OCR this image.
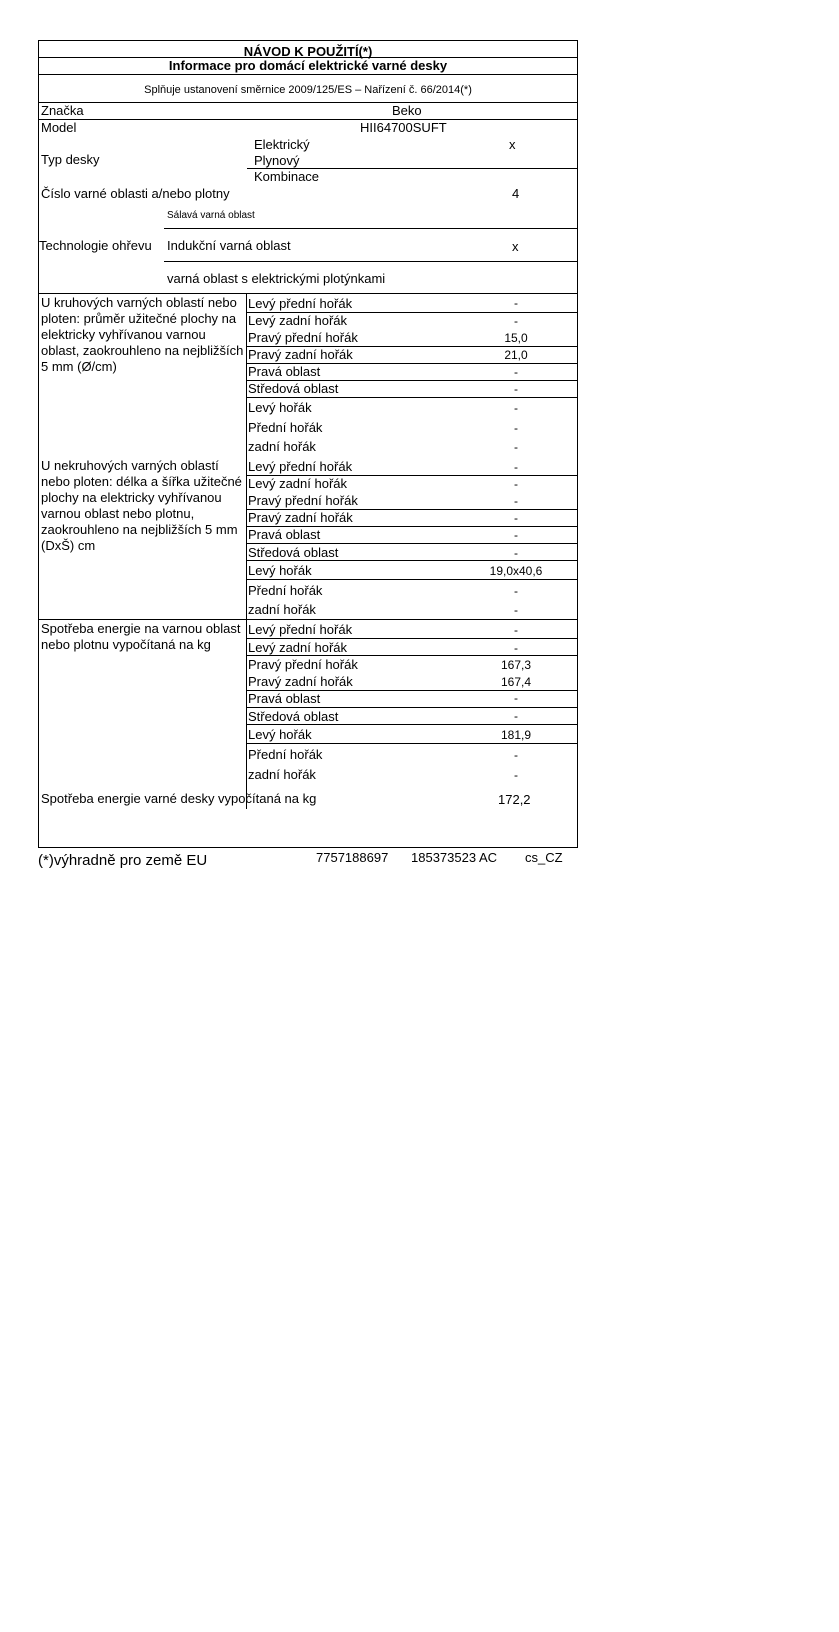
NÁVOD K POUŽITÍ(*)
Informace pro domácí elektrické varné desky
Splňuje ustanovení směrnice 2009/125/ES – Nařízení č. 66/2014(*)
Značka	Beko
Model	HII64700SUFT
Typ desky
Elektrický	x
Plynový
Kombinace
Číslo varné oblasti a/nebo plotny	4
Sálavá varná oblast
Technologie ohřevu Indukční varná oblast	x
varná oblast s elektrickými plotýnkami
U kruhových varných oblastí nebo ploten: průměr užitečné plochy na elektricky vyhřívanou varnou oblast, zaokrouhleno na nejbližších 5 mm (Ø/cm)
Levý přední hořák	-
Levý zadní hořák	-
Pravý přední hořák	15,0
Pravý zadní hořák	21,0
Pravá oblast	-
Středová oblast	-
Levý hořák	-
Přední hořák	-
zadní hořák	-
U nekruhových varných oblastí nebo ploten: délka a šířka užitečné plochy na elektricky vyhřívanou varnou oblast nebo plotnu, zaokrouhleno na nejbližších 5 mm (DxŠ) cm
Levý přední hořák	-
Levý zadní hořák	-
Pravý přední hořák	-
Pravý zadní hořák	-
Pravá oblast	-
Středová oblast	-
Levý hořák	19,0x40,6
Přední hořák	-
zadní hořák	-
Spotřeba energie na varnou oblast nebo plotnu vypočítaná na kg
Levý přední hořák	-
Levý zadní hořák	-
Pravý přední hořák	167,3
Pravý zadní hořák	167,4
Pravá oblast	-
Středová oblast	-
Levý hořák	181,9
Přední hořák	-
zadní hořák	-
Spotřeba energie varné desky vypočítaná na kg	172,2
(*)výhradně pro země EU	7757188697 185373523 AC cs_CZ
